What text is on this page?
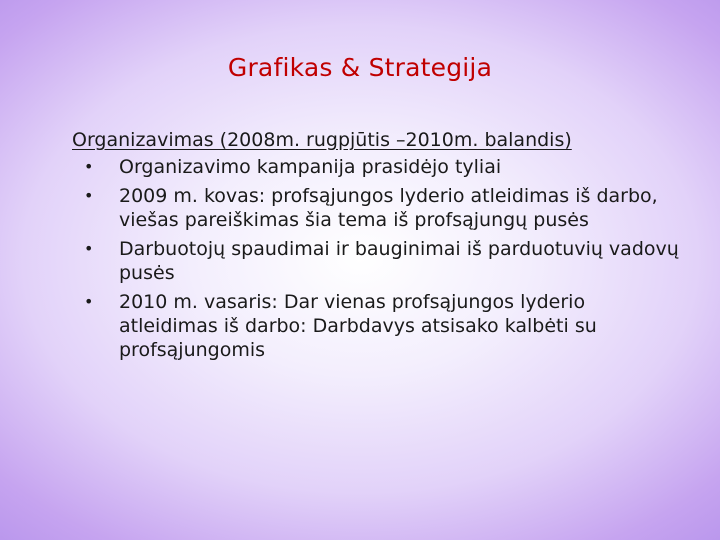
Grafikas & Strategija
Organizavimas (2008m. rugpjūtis –2010m. balandis)
• Organizavimo kampanija prasidėjo tyliai
• 2009 m. kovas: profsąjungos lyderio atleidimas iš darbo, viešas pareiškimas šia tema iš profsąjungų pusės
• Darbuotojų spaudimai ir bauginimai iš parduotuvių vadovų pusės
• 2010 m. vasaris: Dar vienas profsąjungos lyderio atleidimas iš darbo: Darbdavys atsisako kalbėti su profsąjungomis
